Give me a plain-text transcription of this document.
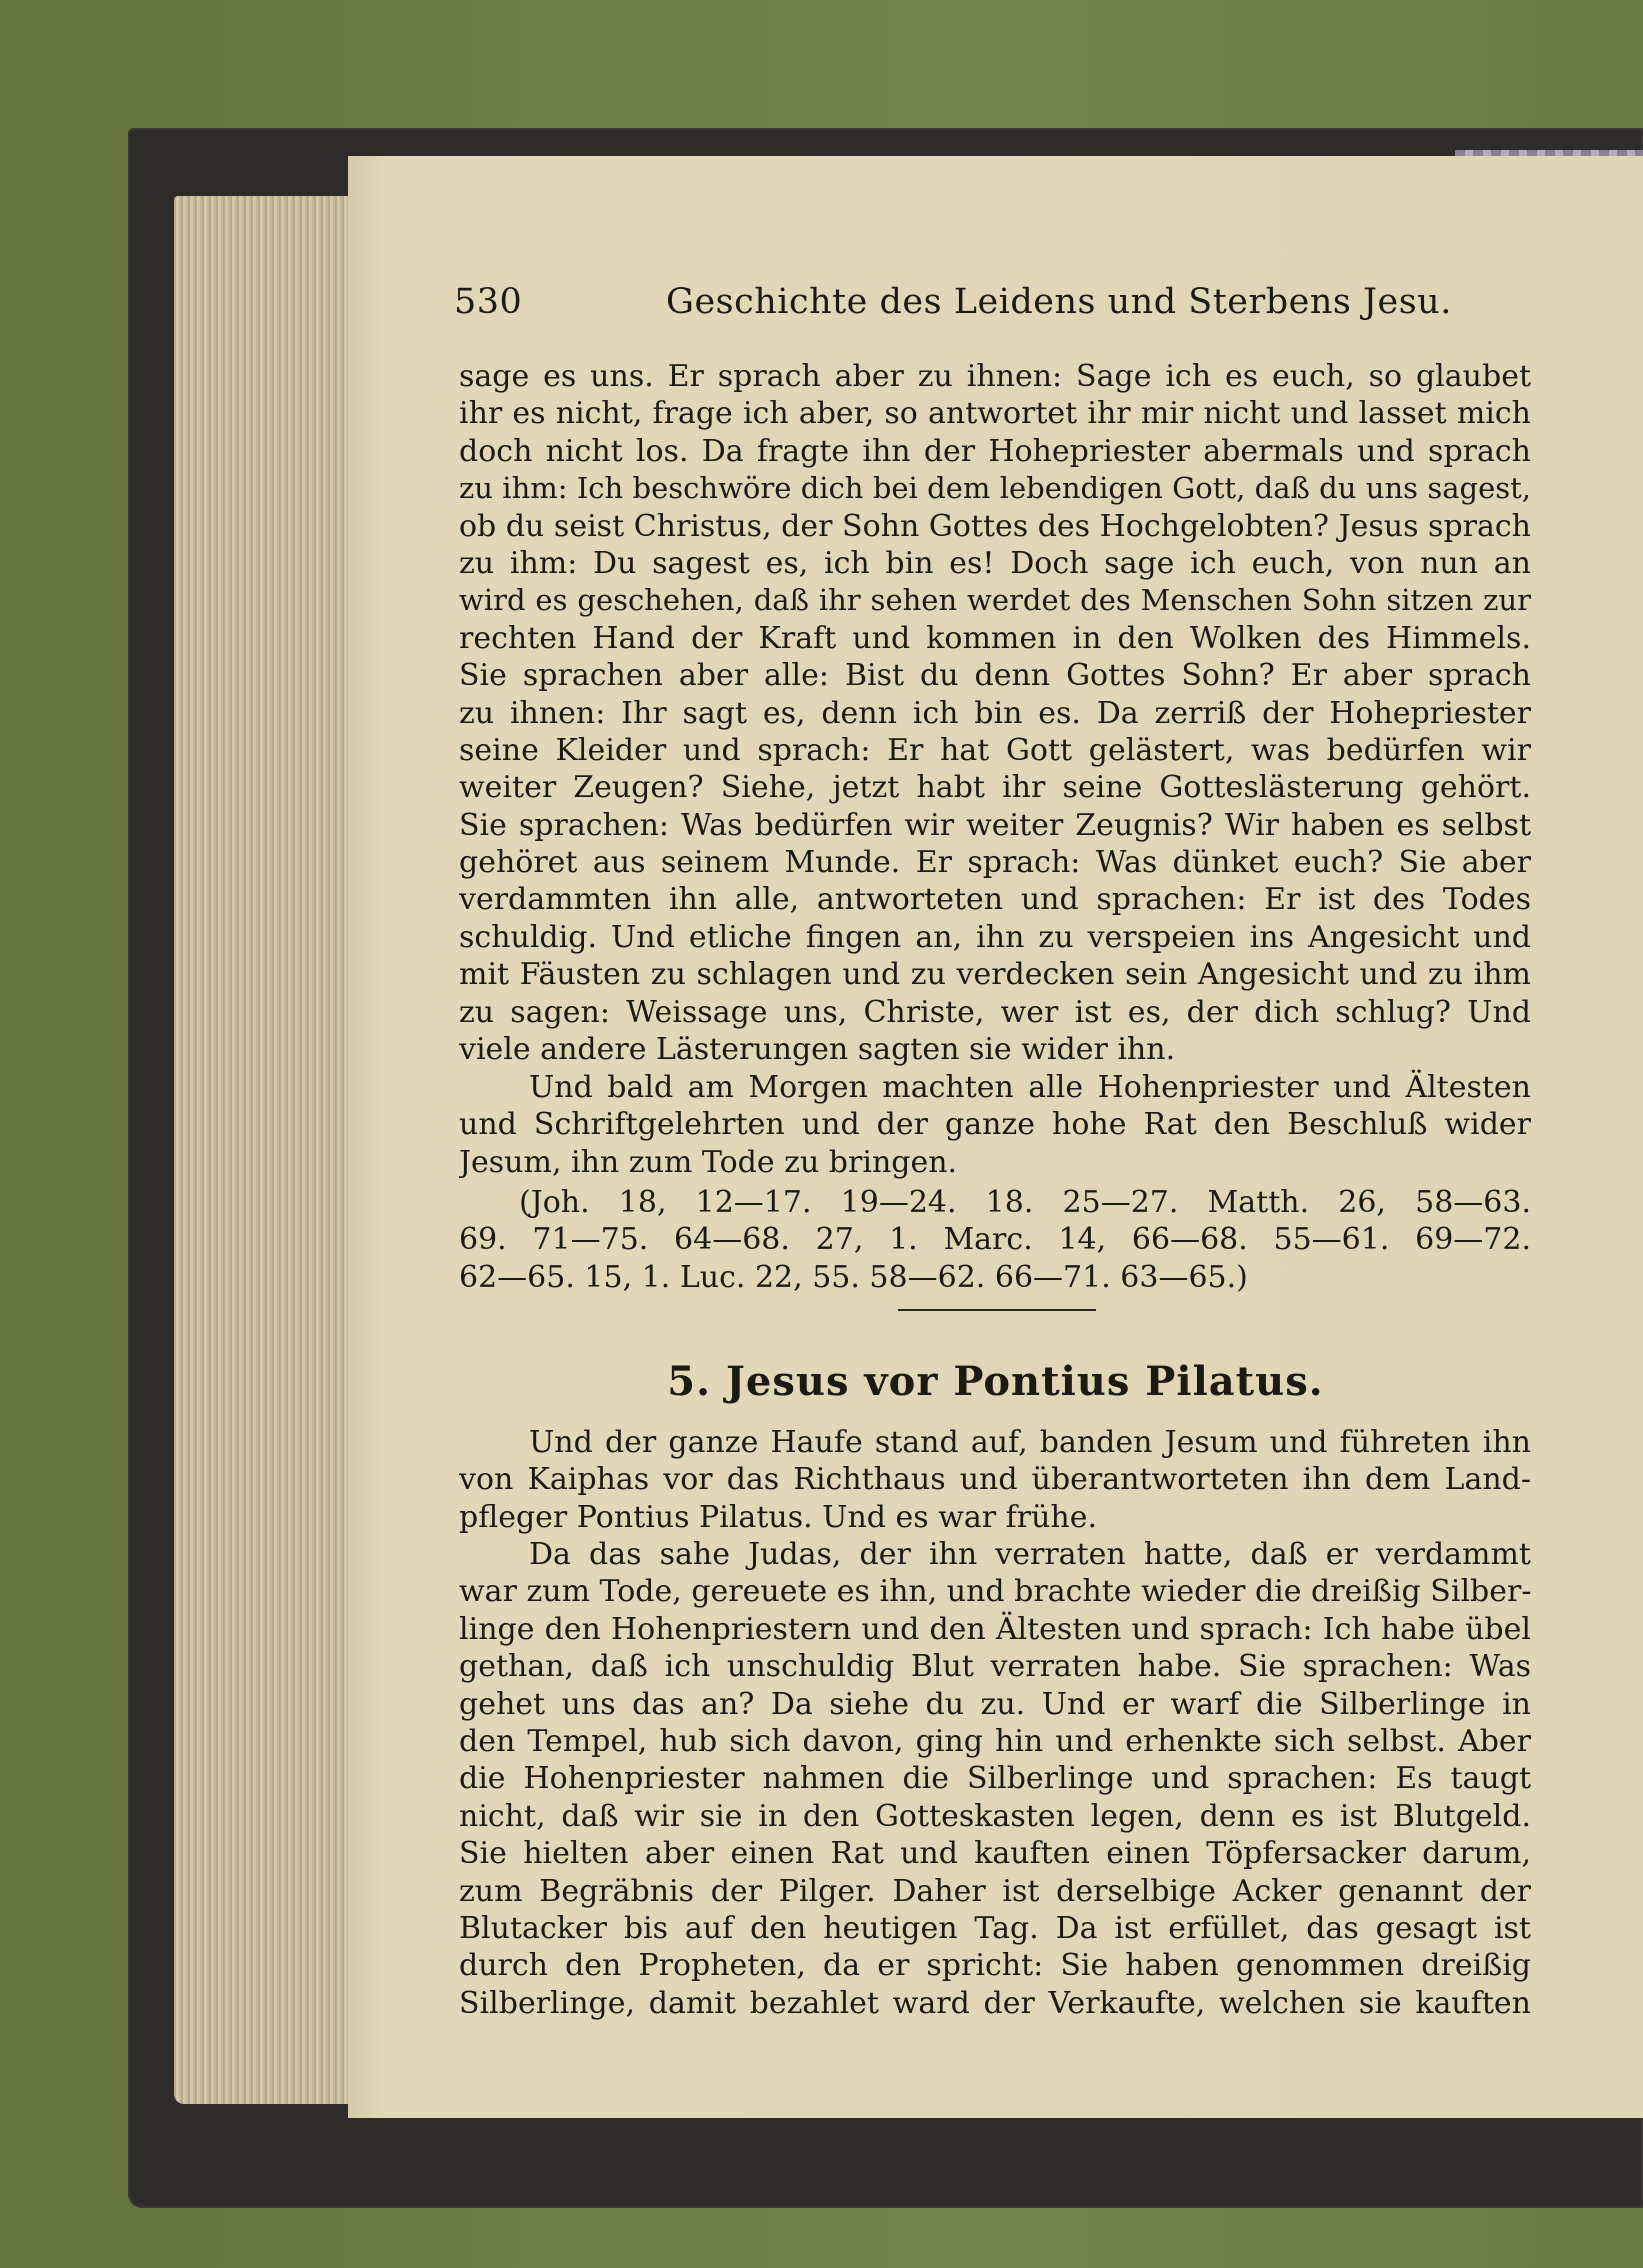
530	Geschichte des Leidens und Sterbens Jesu.
sage es uns. Er sprach aber zu ihnen: Sage ich es euch, so glaubet
ihr es nicht, frage ich aber, so antwortet ihr mir nicht und lasset mich
doch nicht los. Da fragte ihn der Hohepriester abermals und sprach
zu ihm: Ich beschwöre dich bei dem lebendigen Gott, daß du uns sagest,
ob du seist Christus, der Sohn Gottes des Hochgelobten? Jesus sprach
zu ihm: Du sagest es, ich bin es! Doch sage ich euch, von nun an
wird es geschehen, daß ihr sehen werdet des Menschen Sohn sitzen zur
rechten Hand der Kraft und kommen in den Wolken des Himmels.
Sie sprachen aber alle: Bist du denn Gottes Sohn? Er aber sprach
zu ihnen: Ihr sagt es, denn ich bin es. Da zerriß der Hohepriester
seine Kleider und sprach: Er hat Gott gelästert, was bedürfen wir
weiter Zeugen? Siehe, jetzt habt ihr seine Gotteslästerung gehört.
Sie sprachen: Was bedürfen wir weiter Zeugnis? Wir haben es selbst
gehöret aus seinem Munde. Er sprach: Was dünket euch? Sie aber
verdammten ihn alle, antworteten und sprachen: Er ist des Todes
schuldig. Und etliche fingen an, ihn zu verspeien ins Angesicht und
mit Fäusten zu schlagen und zu verdecken sein Angesicht und zu ihm
zu sagen: Weissage uns, Christe, wer ist es, der dich schlug? Und
viele andere Lästerungen sagten sie wider ihn.
Und bald am Morgen machten alle Hohenpriester und Ältesten
und Schriftgelehrten und der ganze hohe Rat den Beschluß wider
Jesum, ihn zum Tode zu bringen.
(Joh. 18, 12—17. 19—24. 18. 25—27. Matth. 26, 58—63.
69. 71—75. 64—68. 27, 1. Marc. 14, 66—68. 55—61. 69—72.
62—65. 15, 1. Luc. 22, 55. 58—62. 66—71. 63—65.)
5. Jesus vor Pontius Pilatus.
Und der ganze Haufe stand auf, banden Jesum und führeten ihn
von Kaiphas vor das Richthaus und überantworteten ihn dem Land-
pfleger Pontius Pilatus. Und es war frühe.
Da das sahe Judas, der ihn verraten hatte, daß er verdammt
war zum Tode, gereuete es ihn, und brachte wieder die dreißig Silber-
linge den Hohenpriestern und den Ältesten und sprach: Ich habe übel
gethan, daß ich unschuldig Blut verraten habe. Sie sprachen: Was
gehet uns das an? Da siehe du zu. Und er warf die Silberlinge in
den Tempel, hub sich davon, ging hin und erhenkte sich selbst. Aber
die Hohenpriester nahmen die Silberlinge und sprachen: Es taugt
nicht, daß wir sie in den Gotteskasten legen, denn es ist Blutgeld.
Sie hielten aber einen Rat und kauften einen Töpfersacker darum,
zum Begräbnis der Pilger. Daher ist derselbige Acker genannt der
Blutacker bis auf den heutigen Tag. Da ist erfüllet, das gesagt ist
durch den Propheten, da er spricht: Sie haben genommen dreißig
Silberlinge, damit bezahlet ward der Verkaufte, welchen sie kauften
